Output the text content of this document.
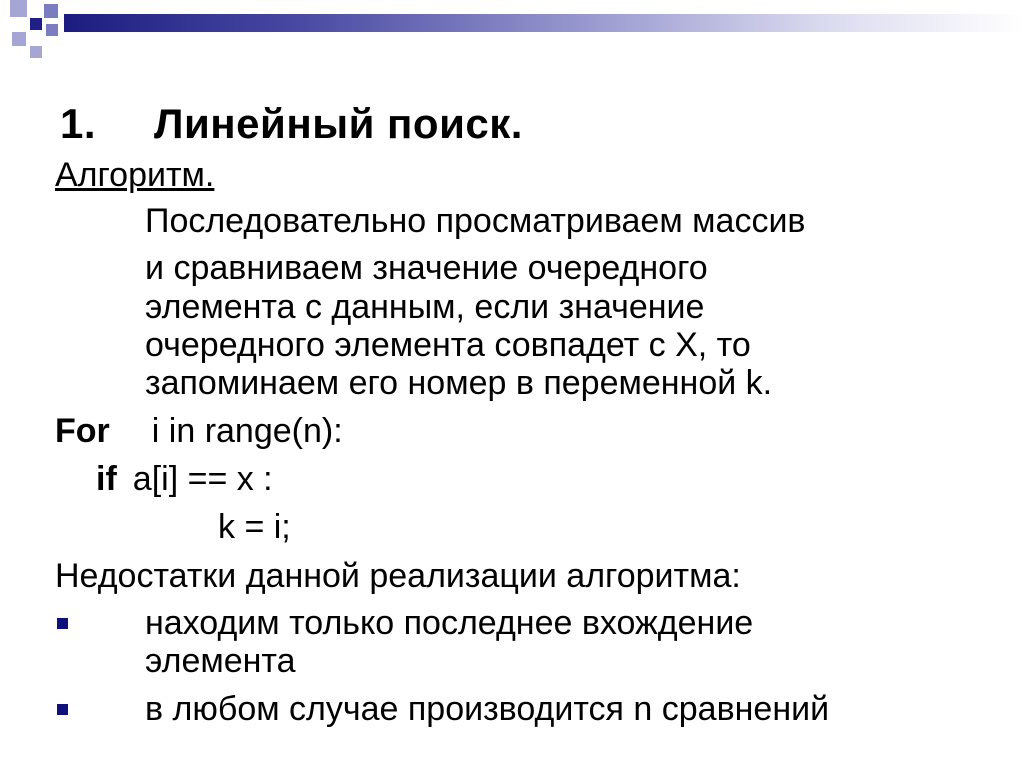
1. Линейный поиск.

Алгоритм.

Последовательно просматриваем массив

и сравниваем значение очередного

элемента с данным, если значение

очередного элемента совпадет с X, то

запоминаем его номер в переменной k.

For i in range(n):

if a[i] == x :

k = i;

Недостатки данной реализации алгоритма:

находим только последнее вхождение

элемента

в любом случае производится n сравнений
